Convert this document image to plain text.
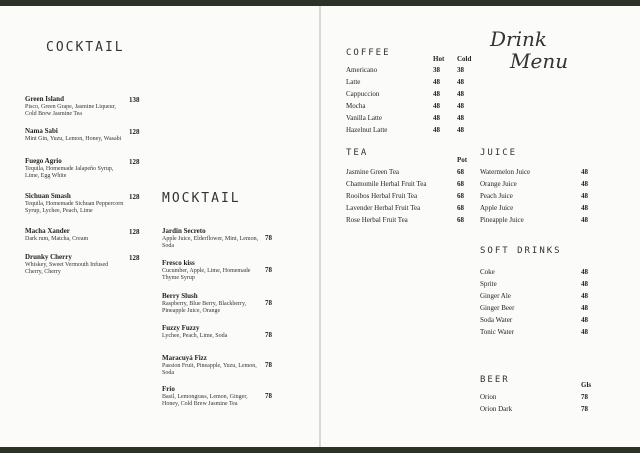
COCKTAIL
Green Island
Pisco, Green Grape, Jasmine Liqueur, Cold Brew Jasmine Tea
138
Nama Sabi
Mint Gin, Yuzu, Lemon, Honey, Wasabi
128
Fuego Agrio
Tequila, Homemade Jalapeño Syrup, Lime, Egg White
128
Sichuan Smash
Tequila, Homemade Sichuan Peppercorn Syrup, Lychee, Peach, Lime
128
Macha Xander
Dark rum, Matcha, Cream
128
Drunky Cherry
Whiskey, Sweet Vermouth Infused Cherry, Cherry
128
MOCKTAIL
Jardin Secreto
Apple Juice, Elderflower, Mint, Lemon, Soda
78
Fresco kiss
Cucumber, Apple, Lime, Homemade Thyme Syrup
78
Berry Slush
Raspberry, Blue Berry, Blackberry, Pineapple Juice, Orange
78
Fuzzy Fuzzy
Lychee, Peach, Lime, Soda	78
Maracuyá Fizz
Passion Fruit, Pineapple, Yuzu, Lemon, Soda
78
Frío
Basil, Lemongrass, Lemon, Ginger, Honey, Cold Brew Jasmine Tea
78
Drink
Menu
COFFEE
Hot Cold
Americano	38 38
Latte	48 48
Cappuccion	48 48
Mocha	48 48
Vanilla Latte	48 48
Hazelnut Latte	48 48
TEA
Pot
Jasmine Green Tea	68
Chamomile Herbal Fruit Tea	68
Rooibos Herbal Fruit Tea	68
Lavender Herbal Fruit Tea	68
Rose Herbal Fruit Tea	68
JUICE
Watermelon Juice	48
Orange Juice	48
Peach Juice	48
Apple Juice	48
Pineapple Juice	48
SOFT DRINKS
Coke	48
Sprite	48
Ginger Ale	48
Ginger Beer	48
Soda Water	48
Tonic Water	48
BEER	Gls
Orion	78
Orion Dark	78
